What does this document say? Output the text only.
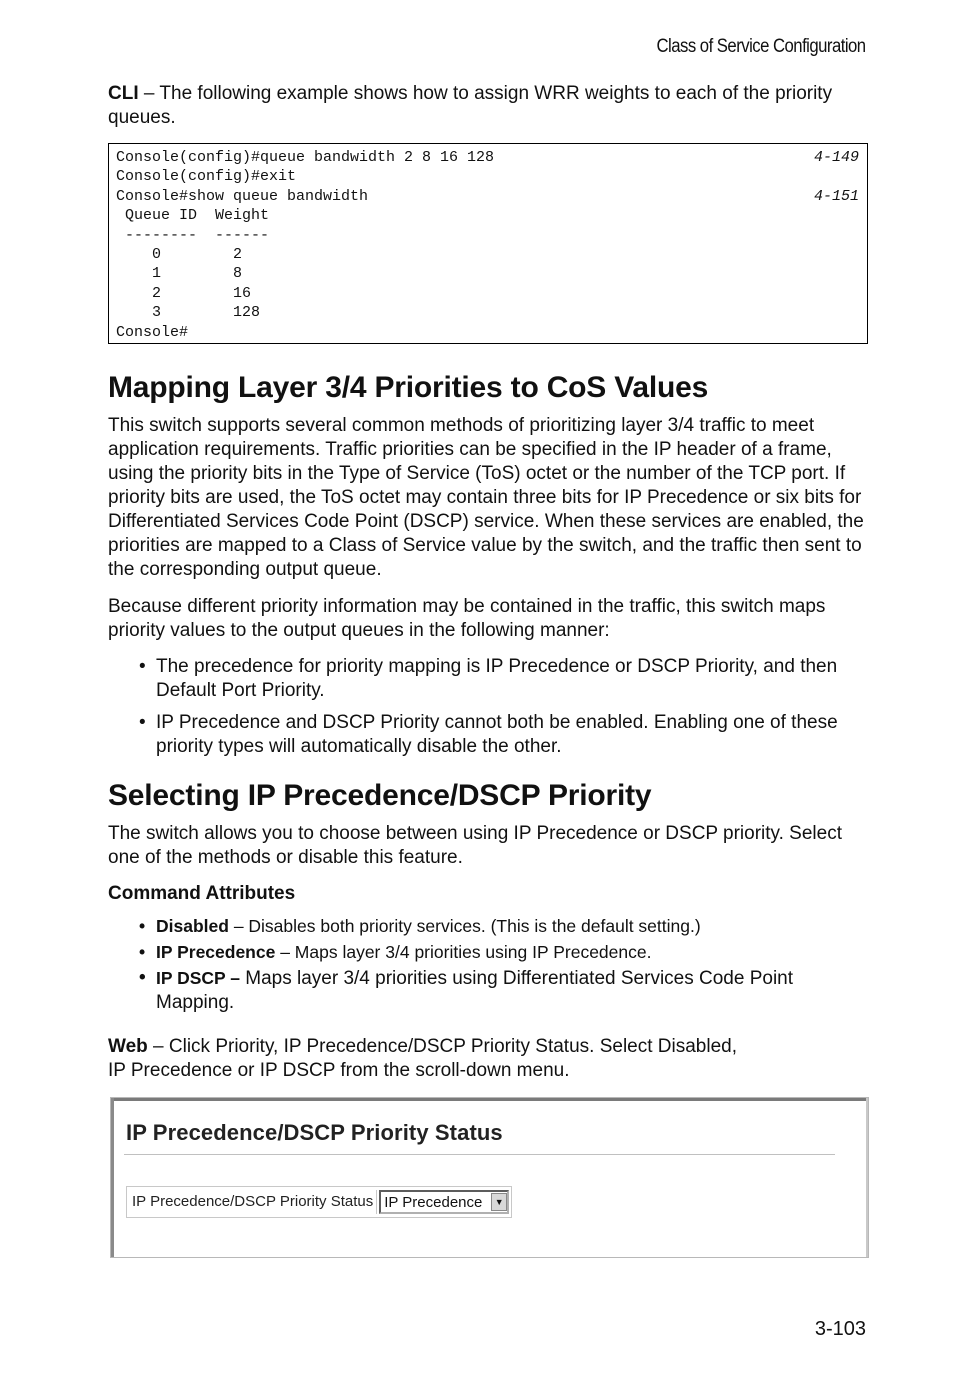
Class of Service Configuration

CLI – The following example shows how to assign WRR weights to each of the priority queues.

Console(config)#queue bandwidth 2 8 16 128	4-149
Console(config)#exit
Console#show queue bandwidth	4-151
Queue ID  Weight
--------  ------
0        2
1        8
2        16
3        128
Console#
Mapping Layer 3/4 Priorities to CoS Values

This switch supports several common methods of prioritizing layer 3/4 traffic to meet application requirements. Traffic priorities can be specified in the IP header of a frame, using the priority bits in the Type of Service (ToS) octet or the number of the TCP port. If priority bits are used, the ToS octet may contain three bits for IP Precedence or six bits for Differentiated Services Code Point (DSCP) service. When these services are enabled, the priorities are mapped to a Class of Service value by the switch, and the traffic then sent to the corresponding output queue.

Because different priority information may be contained in the traffic, this switch maps priority values to the output queues in the following manner:

• The precedence for priority mapping is IP Precedence or DSCP Priority, and then Default Port Priority.
• IP Precedence and DSCP Priority cannot both be enabled. Enabling one of these priority types will automatically disable the other.
Selecting IP Precedence/DSCP Priority

The switch allows you to choose between using IP Precedence or DSCP priority. Select one of the methods or disable this feature.

Command Attributes

• Disabled – Disables both priority services. (This is the default setting.)
• IP Precedence – Maps layer 3/4 priorities using IP Precedence.
• IP DSCP – Maps layer 3/4 priorities using Differentiated Services Code Point Mapping.

Web – Click Priority, IP Precedence/DSCP Priority Status. Select Disabled,
IP Precedence or IP DSCP from the scroll-down menu.

IP Precedence/DSCP Priority Status
IP Precedence/DSCP Priority Status IP Precedence	▼
3-103
